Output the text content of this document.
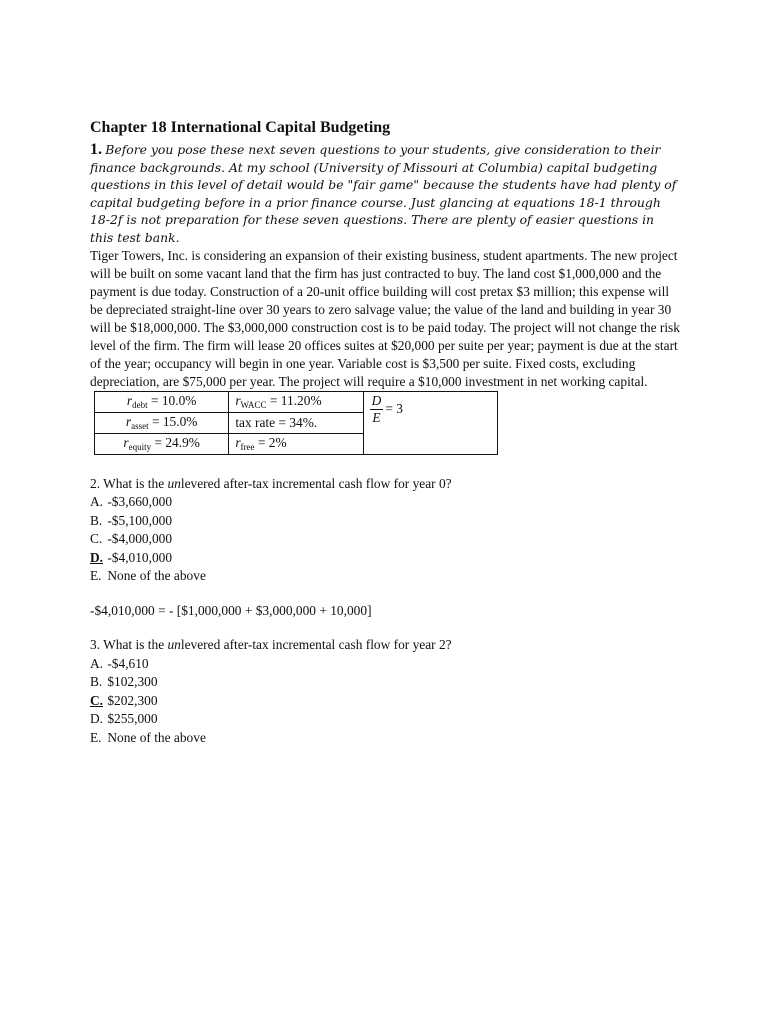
Chapter 18 International Capital Budgeting

1. Before you pose these next seven questions to your students, give consideration to their finance backgrounds. At my school (University of Missouri at Columbia) capital budgeting questions in this level of detail would be "fair game" because the students have had plenty of capital budgeting before in a prior finance course. Just glancing at equations 18-1 through 18-2f is not preparation for these seven questions. There are plenty of easier questions in this test bank.

Tiger Towers, Inc. is considering an expansion of their existing business, student apartments. The new project will be built on some vacant land that the firm has just contracted to buy. The land cost $1,000,000 and the payment is due today. Construction of a 20-unit office building will cost pretax $3 million; this expense will be depreciated straight-line over 30 years to zero salvage value; the value of the land and building in year 30 will be $18,000,000. The $3,000,000 construction cost is to be paid today. The project will not change the risk level of the firm. The firm will lease 20 offices suites at $20,000 per suite per year; payment is due at the start of the year; occupancy will begin in one year. Variable cost is $3,500 per suite. Fixed costs, excluding depreciation, are $75,000 per year. The project will require a $10,000 investment in net working capital.

$r_{debt} = 10.0\%$	$r_{WACC} = 11.20\%$	$\frac{D}{E} = 3$

$r_{asset} = 15.0\%$	tax rate = 34%.	
$r_{equity} = 24.9\%$	$r_{free} = 2\%$	

2. What is the unlevered after-tax incremental cash flow for year 0?

A. -$3,660,000

B. -$5,100,000

C. -$4,000,000

D. -$4,010,000

E. None of the above

-$4,010,000 = - [$1,000,000 + $3,000,000 + 10,000]

3. What is the unlevered after-tax incremental cash flow for year 2?

A. -$4,610

B. $102,300

C. $202,300

D. $255,000

E. None of the above
